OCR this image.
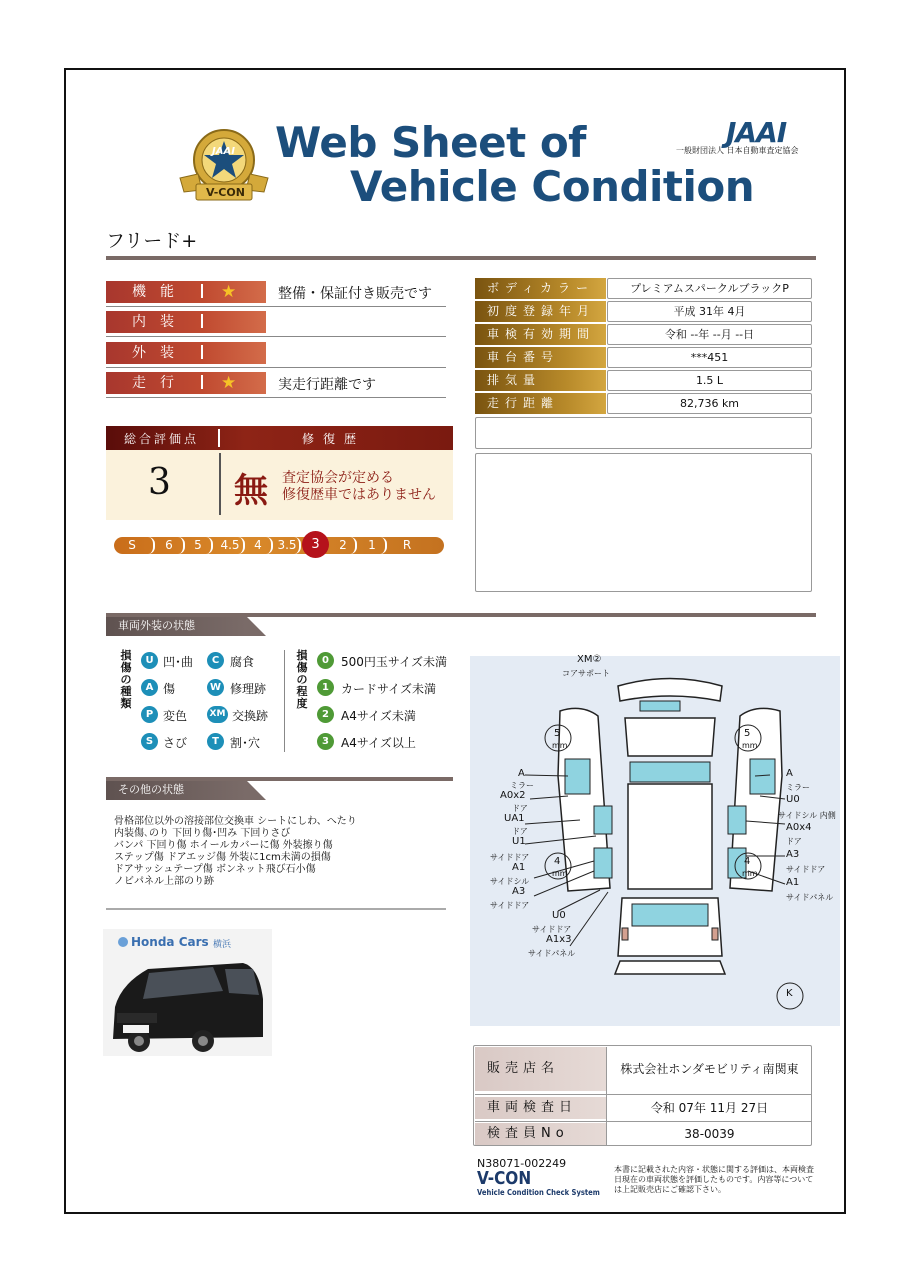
JAAI
V-CON
Web Sheet of
Vehicle Condition
JAAI
一般財団法人 日本自動車査定協会
フリード+
機能 ★	整備・保証付き販売です
内装
外装
走行 ★	実走行距離です
ボディカラー	プレミアムスパークルブラックP
初度登録年月	平成 31年 4月
車検有効期間	令和 --年 --月 --日
車台番号	***451
排気量	1.5 L
走行距離	82,736 km
総合評価点	修復歴
3 無 査定協会が定める
修復歴車ではありません
S	6	5	4.5	4	3.5	2	1	R
3
車両外装の状態
損傷の種類
U 凹･曲	C 腐食
A 傷	W 修理跡
P 変色	XM 交換跡
S さび	T 割･穴
損傷の程度
0	500円玉サイズ未満
1	カードサイズ未満
2	A4サイズ未満
3	A4サイズ以上
その他の状態
骨格部位以外の溶接部位交換車 シートにしわ、へたり
内装傷､のり 下回り傷･凹み 下回りさび
バンパ 下回り傷 ホイールカバーに傷 外装擦り傷
ステップ傷 ドアエッジ傷 外装に1cm未満の損傷
ドアサッシュテープ傷 ボンネット飛び石小傷
ノビパネル上部のり跡
Honda Cars 横浜
XM②
コアサポート
5
mm
5
mm
4
mm
4
mm
K
A
ミラー
A0x2
ドア
UA1
ドア
U1
サイドドア
A1
サイドシル
A3
サイドドア
U0
サイドドア
A1x3
サイドパネル
A
ミラー
U0
サイドシル 内側
A0x4
ドア
A3
サイドドア
A1
サイドパネル
販売店名	株式会社ホンダモビリティ南関東
車両検査日	令和 07年 11月 27日
検査員No	38-0039
N38071-002249
V-CON
Vehicle Condition Check System
本書に記載された内容・状態に関する評価は、本両検査日現在の車両状態を評価したものです。内容等については上記販売店にご確認下さい。
